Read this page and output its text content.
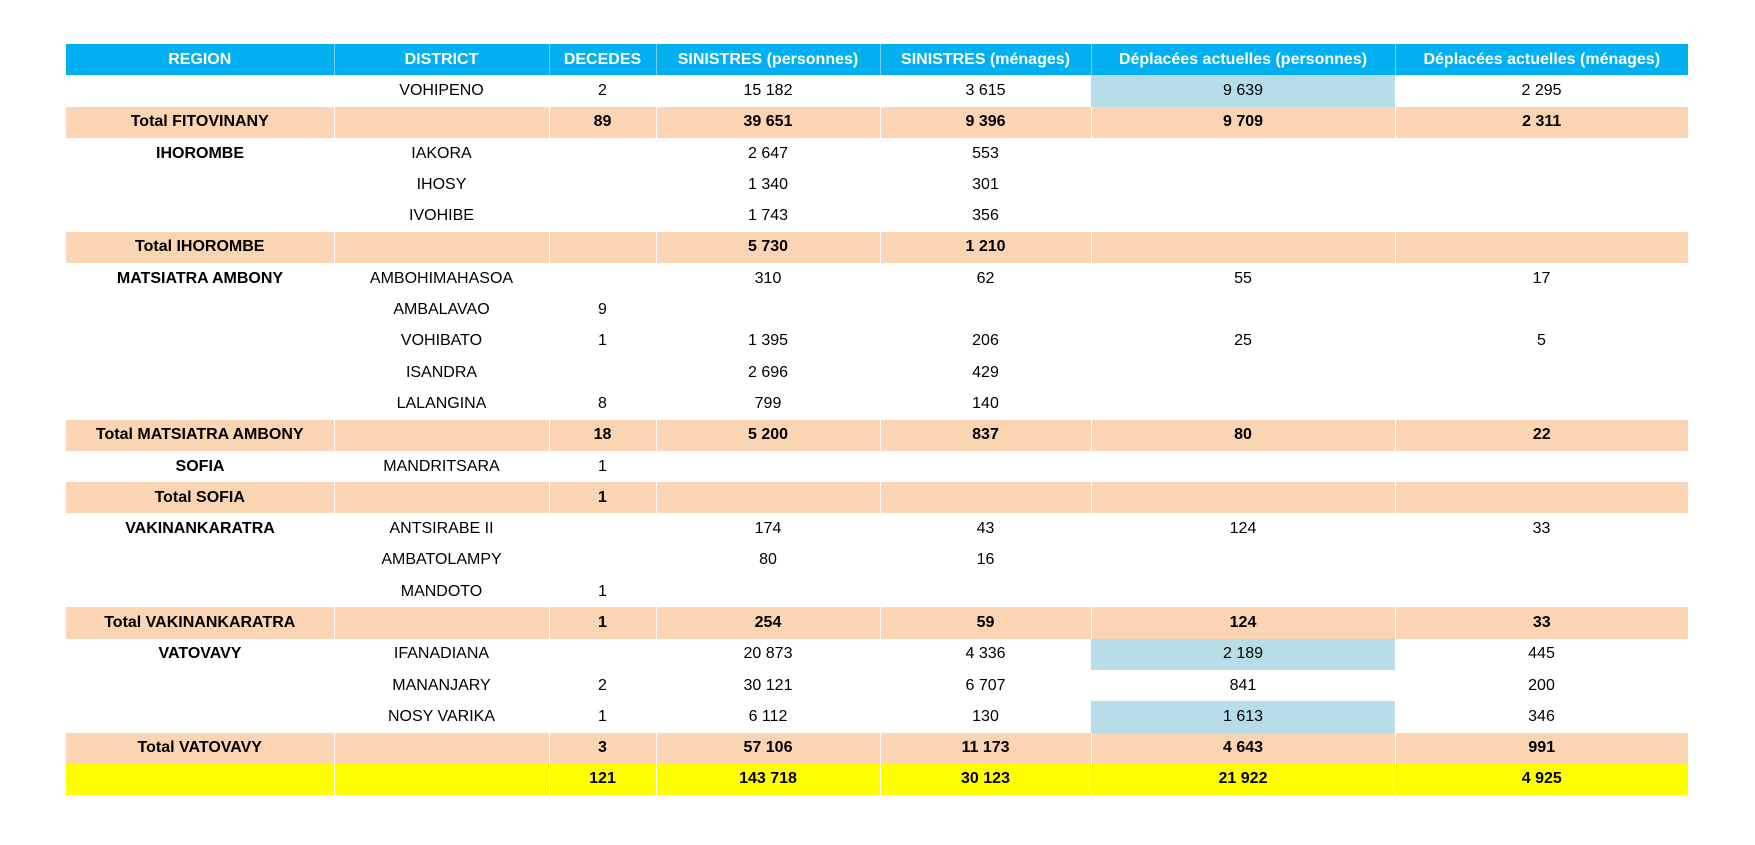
REGION	DISTRICT	DECEDES	SINISTRES (personnes)	SINISTRES (ménages)	Déplacées actuelles (personnes)	Déplacées actuelles (ménages)
	VOHIPENO	2	15 182	3 615	9 639	2 295
Total FITOVINANY		89	39 651	9 396	9 709	2 311
IHOROMBE	IAKORA		2 647	553		
	IHOSY		1 340	301		
	IVOHIBE		1 743	356		
Total IHOROMBE			5 730	1 210		
MATSIATRA AMBONY	AMBOHIMAHASOA		310	62	55	17
	AMBALAVAO	9				
	VOHIBATO	1	1 395	206	25	5
	ISANDRA		2 696	429		
	LALANGINA	8	799	140		
Total MATSIATRA AMBONY		18	5 200	837	80	22
SOFIA	MANDRITSARA	1				
Total SOFIA		1				
VAKINANKARATRA	ANTSIRABE II		174	43	124	33
	AMBATOLAMPY		80	16		
	MANDOTO	1				
Total VAKINANKARATRA		1	254	59	124	33
VATOVAVY	IFANADIANA		20 873	4 336	2 189	445
	MANANJARY	2	30 121	6 707	841	200
	NOSY VARIKA	1	6 112	130	1 613	346
Total VATOVAVY		3	57 106	11 173	4 643	991
		121	143 718	30 123	21 922	4 925
